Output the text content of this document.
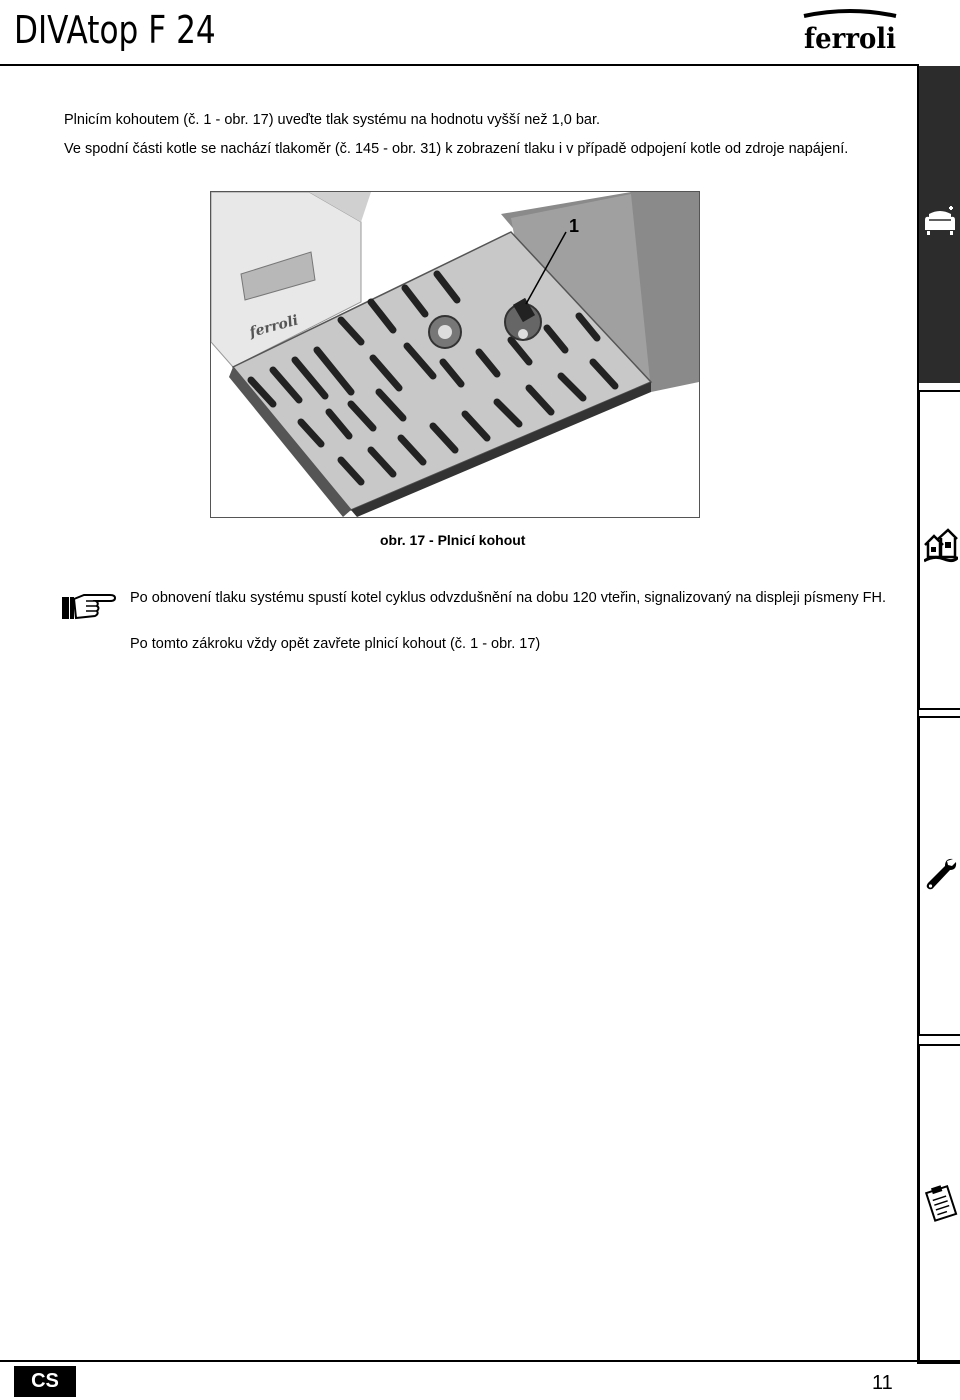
DIVAtop F 24	ferroli

Plnicím kohoutem (č. 1 - obr. 17) uveďte tlak systému na hodnotu vyšší než 1,0 bar.

Ve spodní části kotle se nachází tlakoměr (č. 145 - obr. 31) k zobrazení tlaku i v případě odpojení kotle od zdroje napájení.

ferroli
1
obr. 17 - Plnicí kohout

Po obnovení tlaku systému spustí kotel cyklus odvzdušnění na dobu 120 vteřin, signalizovaný na displeji písmeny FH.

Po tomto zákroku vždy opět zavřete plnicí kohout (č. 1 - obr. 17)

CS	11
